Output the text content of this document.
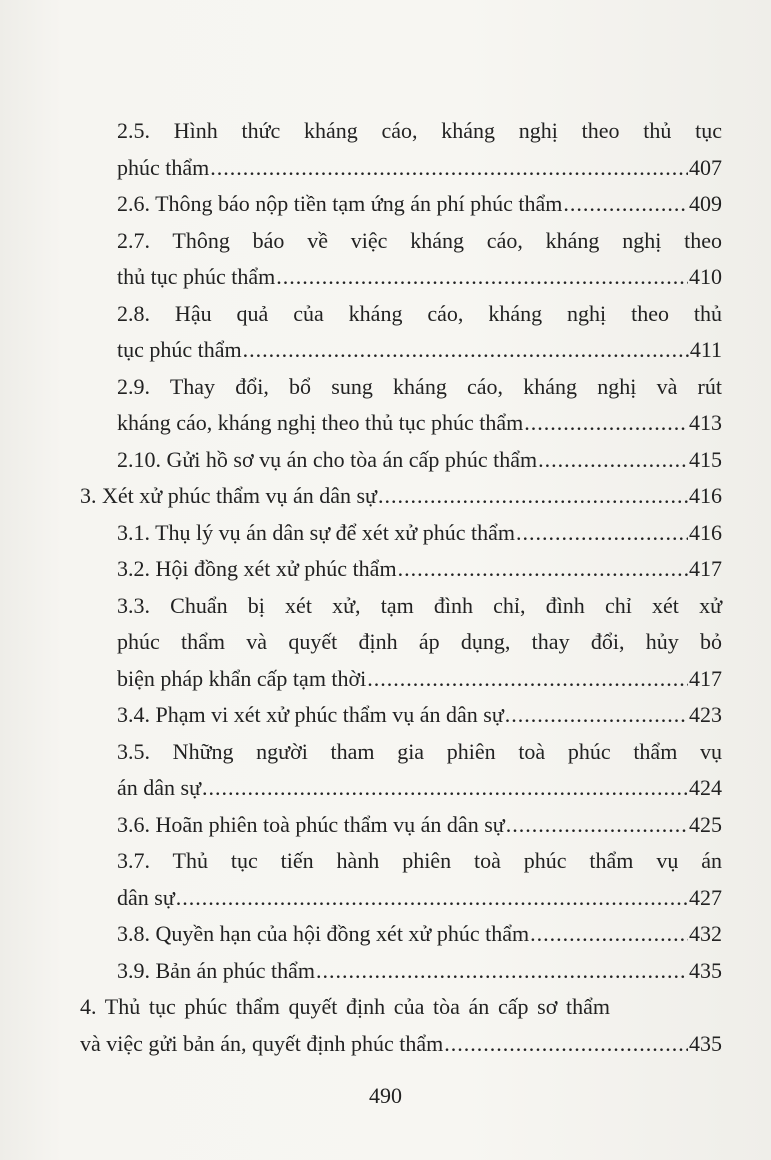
2.5. Hình thức kháng cáo, kháng nghị theo thủ tục
phúc thẩm .....	407
2.6. Thông báo nộp tiền tạm ứng án phí phúc thẩm .....	409
2.7. Thông báo về việc kháng cáo, kháng nghị theo
thủ tục phúc thẩm .....	410
2.8. Hậu quả của kháng cáo, kháng nghị theo thủ
tục phúc thẩm .....	411
2.9. Thay đổi, bổ sung kháng cáo, kháng nghị và rút
kháng cáo, kháng nghị theo thủ tục phúc thẩm .....	413
2.10. Gửi hồ sơ vụ án cho tòa án cấp phúc thẩm .....	415
3. Xét xử phúc thẩm vụ án dân sự .....	416
3.1. Thụ lý vụ án dân sự để xét xử phúc thẩm .....	416
3.2. Hội đồng xét xử phúc thẩm .....	417
3.3. Chuẩn bị xét xử, tạm đình chỉ, đình chỉ xét xử
phúc thẩm và quyết định áp dụng, thay đổi, hủy bỏ
biện pháp khẩn cấp tạm thời .....	417
3.4. Phạm vi xét xử phúc thẩm vụ án dân sự .....	423
3.5. Những người tham gia phiên toà phúc thẩm vụ
án dân sự .....	424
3.6. Hoãn phiên toà phúc thẩm vụ án dân sự .....	425
3.7. Thủ tục tiến hành phiên toà phúc thẩm vụ án
dân sự .....	427
3.8. Quyền hạn của hội đồng xét xử phúc thẩm .....	432
3.9. Bản án phúc thẩm .....	435
4. Thủ tục phúc thẩm quyết định của tòa án cấp sơ thẩm
và việc gửi bản án, quyết định phúc thẩm .....	435
490
